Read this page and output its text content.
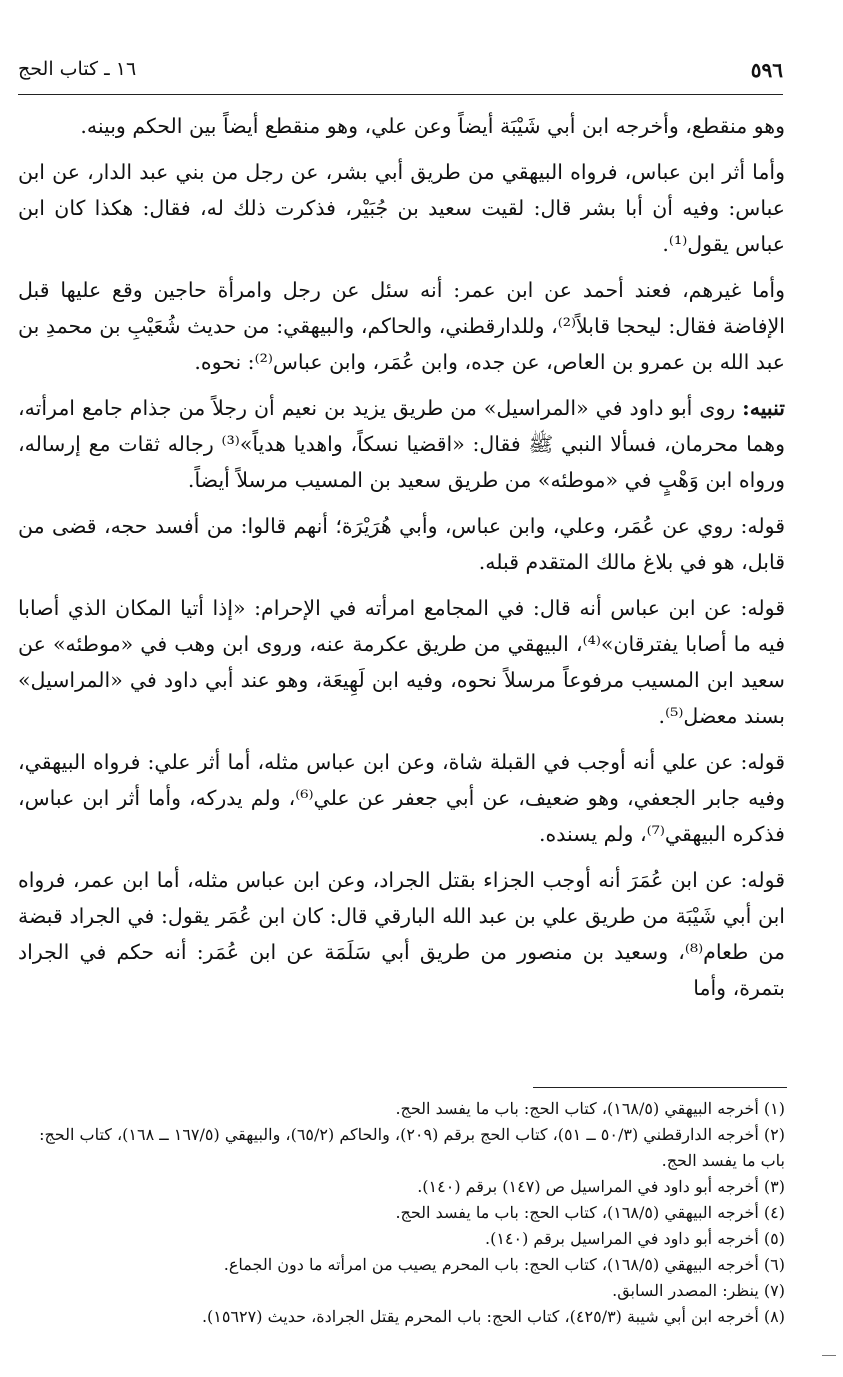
١٦ ـ كتاب الحج	٥٩٦

وهو منقطع، وأخرجه ابن أبي شَيْبَة أيضاً وعن علي، وهو منقطع أيضاً بين الحكم وبينه.

وأما أثر ابن عباس، فرواه البيهقي من طريق أبي بشر، عن رجل من بني عبد الدار، عن ابن عباس: وفيه أن أبا بشر قال: لقيت سعيد بن جُبَيْر، فذكرت ذلك له، فقال: هكذا كان ابن عباس يقول⁽¹⁾.

وأما غيرهم، فعند أحمد عن ابن عمر: أنه سئل عن رجل وامرأة حاجين وقع عليها قبل الإفاضة فقال: ليحجا قابلاً⁽²⁾، وللدارقطني، والحاكم، والبيهقي: من حديث شُعَيْبِ بن محمدِ بن عبد الله بن عمرو بن العاص، عن جده، وابن عُمَر، وابن عباس⁽²⁾: نحوه.

تنبيه: روى أبو داود في «المراسيل» من طريق يزيد بن نعيم أن رجلاً من جذام جامع امرأته، وهما محرمان، فسألا النبي ﷺ فقال: «اقضيا نسكاً، واهديا هدياً»⁽³⁾ رجاله ثقات مع إرساله، ورواه ابن وَهْبٍ في «موطئه» من طريق سعيد بن المسيب مرسلاً أيضاً.

قوله: روي عن عُمَر، وعلي، وابن عباس، وأبي هُرَيْرَة؛ أنهم قالوا: من أفسد حجه، قضى من قابل، هو في بلاغ مالك المتقدم قبله.

قوله: عن ابن عباس أنه قال: في المجامع امرأته في الإحرام: «إذا أتيا المكان الذي أصابا فيه ما أصابا يفترقان»⁽⁴⁾، البيهقي من طريق عكرمة عنه، وروى ابن وهب في «موطئه» عن سعيد ابن المسيب مرفوعاً مرسلاً نحوه، وفيه ابن لَهِيعَة، وهو عند أبي داود في «المراسيل» بسند معضل⁽⁵⁾.

قوله: عن علي أنه أوجب في القبلة شاة، وعن ابن عباس مثله، أما أثر علي: فرواه البيهقي، وفيه جابر الجعفي، وهو ضعيف، عن أبي جعفر عن علي⁽⁶⁾، ولم يدركه، وأما أثر ابن عباس، فذكره البيهقي⁽⁷⁾، ولم يسنده.

قوله: عن ابن عُمَرَ أنه أوجب الجزاء بقتل الجراد، وعن ابن عباس مثله، أما ابن عمر، فرواه ابن أبي شَيْبَة من طريق علي بن عبد الله البارقي قال: كان ابن عُمَر يقول: في الجراد قبضة من طعام⁽⁸⁾، وسعيد بن منصور من طريق أبي سَلَمَة عن ابن عُمَر: أنه حكم في الجراد بتمرة، وأما

(١) أخرجه البيهقي (١٦٨/٥)، كتاب الحج: باب ما يفسد الحج.
(٢) أخرجه الدارقطني (٥٠/٣ ــ ٥١)، كتاب الحج برقم (٢٠٩)، والحاكم (٦٥/٢)، والبيهقي (١٦٧/٥ ــ ١٦٨)، كتاب الحج: باب ما يفسد الحج.
(٣) أخرجه أبو داود في المراسيل ص (١٤٧) برقم (١٤٠).
(٤) أخرجه البيهقي (١٦٨/٥)، كتاب الحج: باب ما يفسد الحج.
(٥) أخرجه أبو داود في المراسيل برقم (١٤٠).
(٦) أخرجه البيهقي (١٦٨/٥)، كتاب الحج: باب المحرم يصيب من امرأته ما دون الجماع.
(٧) ينظر: المصدر السابق.
(٨) أخرجه ابن أبي شيبة (٤٢٥/٣)، كتاب الحج: باب المحرم يقتل الجرادة، حديث (١٥٦٢٧).
